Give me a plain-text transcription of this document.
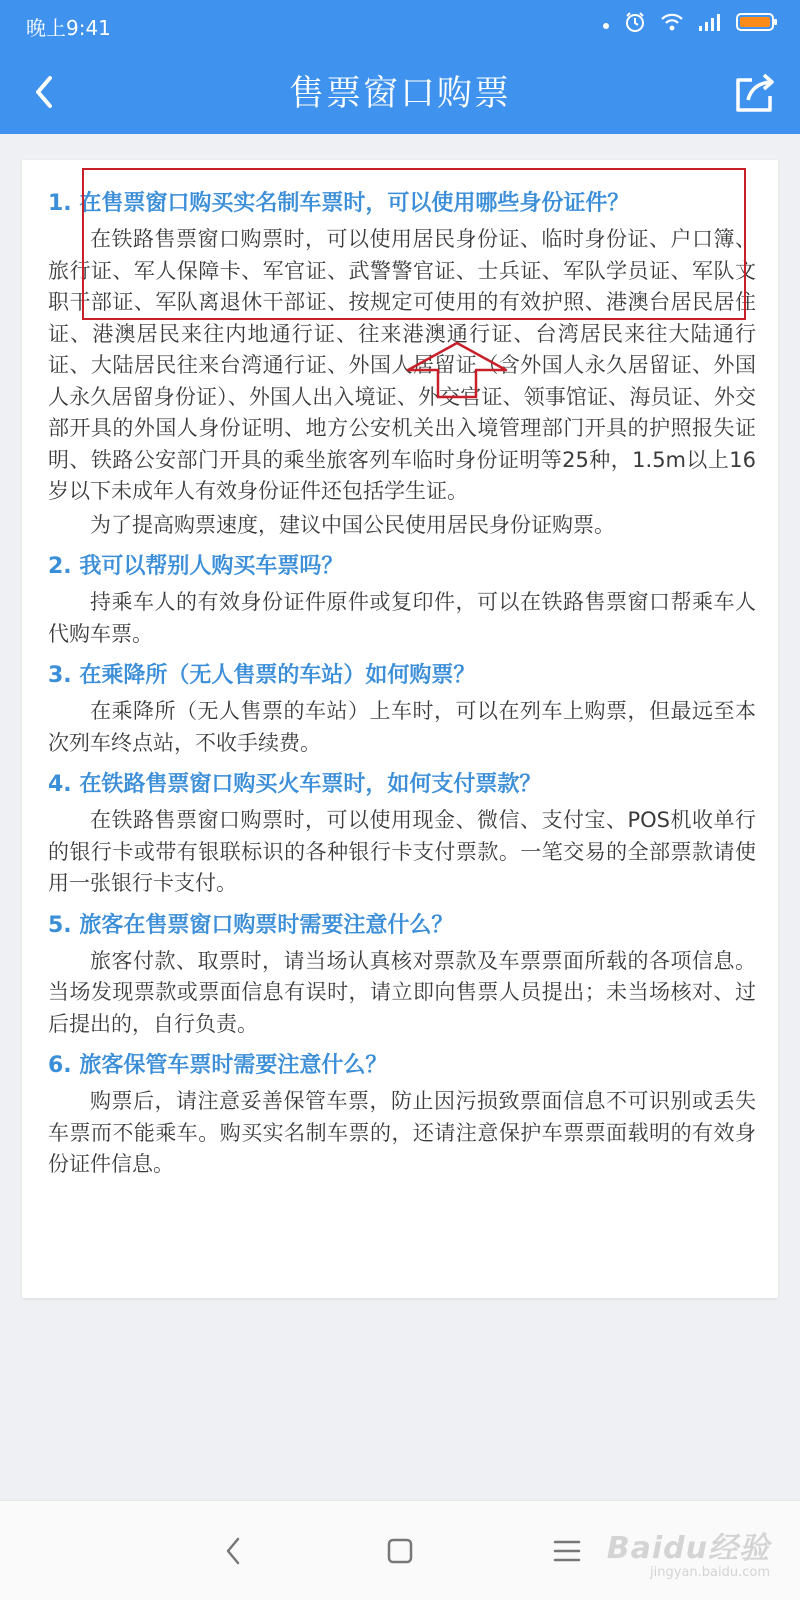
晚上9:41
售票窗口购票
1. 在售票窗口购买实名制车票时，可以使用哪些身份证件？

在铁路售票窗口购票时，可以使用居民身份证、临时身份证、户口簿、旅行证、军人保障卡、军官证、武警警官证、士兵证、军队学员证、军队文职干部证、军队离退休干部证、按规定可使用的有效护照、港澳台居民居住证、港澳居民来往内地通行证、往来港澳通行证、台湾居民来往大陆通行证、大陆居民往来台湾通行证、外国人居留证（含外国人永久居留证、外国人永久居留身份证）、外国人出入境证、外交官证、领事馆证、海员证、外交部开具的外国人身份证明、地方公安机关出入境管理部门开具的护照报失证明、铁路公安部门开具的乘坐旅客列车临时身份证明等25种，1.5m以上16岁以下未成年人有效身份证件还包括学生证。

为了提高购票速度，建议中国公民使用居民身份证购票。

2. 我可以帮别人购买车票吗？

持乘车人的有效身份证件原件或复印件，可以在铁路售票窗口帮乘车人代购车票。

3. 在乘降所（无人售票的车站）如何购票？

在乘降所（无人售票的车站）上车时，可以在列车上购票，但最远至本次列车终点站，不收手续费。

4. 在铁路售票窗口购买火车票时，如何支付票款？

在铁路售票窗口购票时，可以使用现金、微信、支付宝、POS机收单行的银行卡或带有银联标识的各种银行卡支付票款。一笔交易的全部票款请使用一张银行卡支付。

5. 旅客在售票窗口购票时需要注意什么？

旅客付款、取票时，请当场认真核对票款及车票票面所载的各项信息。当场发现票款或票面信息有误时，请立即向售票人员提出；未当场核对、过后提出的，自行负责。

6. 旅客保管车票时需要注意什么？

购票后，请注意妥善保管车票，防止因污损致票面信息不可识别或丢失车票而不能乘车。购买实名制车票的，还请注意保护车票票面载明的有效身份证件信息。

Baidu经验
jingyan.baidu.com
